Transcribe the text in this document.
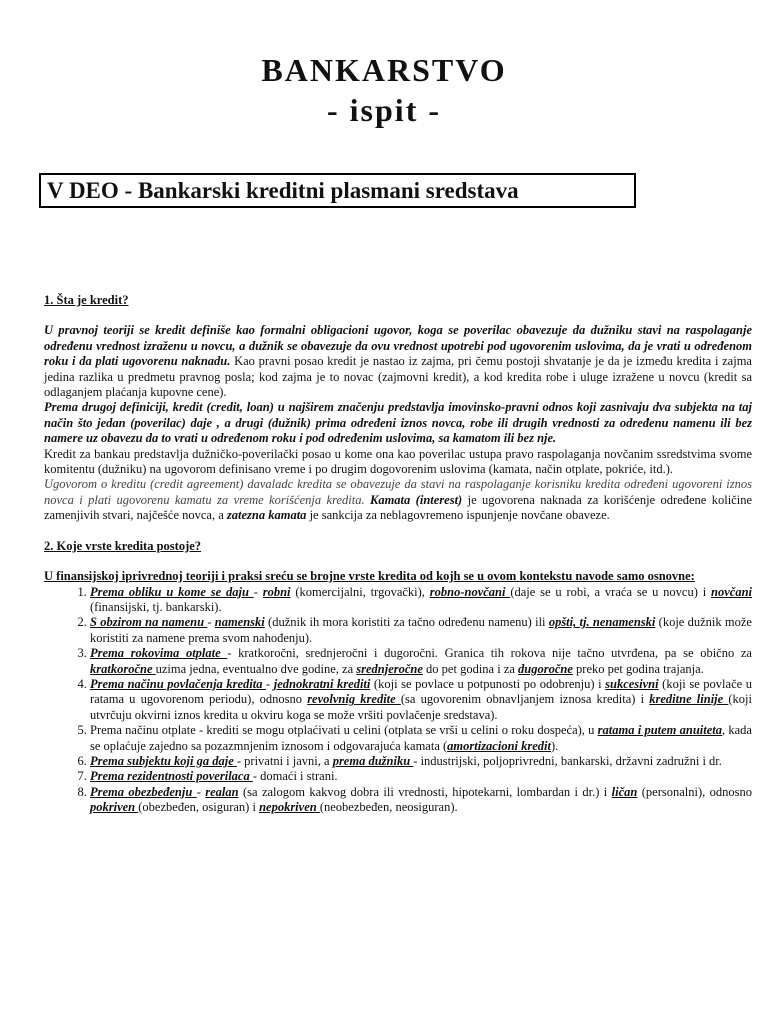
BANKARSTVO
- ispit -
V DEO - Bankarski kreditni plasmani sredstava

1. Šta je kredit?

U pravnoj teoriji se kredit definiše kao formalni obligacioni ugovor, koga se poverilac obavezuje da dužniku stavi na raspolaganje određenu vrednost izraženu u novcu, a dužnik se obavezuje da ovu vrednost upotrebi pod ugovorenim uslovima, da je vrati u određenom roku i da plati ugovorenu naknadu. Kao pravni posao kredit je nastao iz zajma, pri čemu postoji shvatanje je da je između kredita i zajma jedina razlika u predmetu pravnog posla; kod zajma je to novac (zajmovni kredit), a kod kredita robe i uluge izražene u novcu (kredit sa odlaganjem plaćanja kupovne cene).

Prema drugoj definiciji, kredit (credit, loan) u najširem značenju predstavlja imovinsko-pravni odnos koji zasnivaju dva subjekta na taj način što jedan (poverilac) daje , a drugi (dužnik) prima određeni iznos novca, robe ili drugih vrednosti za određenu namenu ili bez namere uz obavezu da to vrati u određenom roku i pod određenim uslovima, sa kamatom ili bez nje.

Kredit za bankau predstavlja dužničko-poverilački posao u kome ona kao poverilac ustupa pravo raspolaganja novčanim ssredstvima svome komitentu (dužniku) na ugovorom definisano vreme i po drugim dogovorenim uslovima (kamata, način otplate, pokriće, itd.).

Ugovorom o kreditu (credit agreement) davaladc kredita se obavezuje da stavi na raspolaganje korisniku kredita određeni ugovoreni iznos novca i plati ugovorenu kamatu za vreme korišćenja kredita. Kamata (interest) je ugovorena naknada za korišćenje određene količine zamenjivih stvari, najčešće novca, a zatezna kamata je sankcija za neblagovremeno ispunjenje novčane obaveze.

2. Koje vrste kredita postoje?

U finansijskoj iprivrednoj teoriji i praksi sreću se brojne vrste kredita od kojh se u ovom kontekstu navode samo osnovne:

1. Prema obliku u kome se daju - robni (komercijalni, trgovački), robno-novčani (daje se u robi, a vraća se u novcu) i novčani (finansijski, tj. bankarski).
2. S obzirom na namenu - namenski (dužnik ih mora koristiti za tačno određenu namenu) ili opšti, tj. nenamenski (koje dužnik može koristiti za namene prema svom nahođenju).
3. Prema rokovima otplate - kratkoročni, srednjeročni i dugoročni. Granica tih rokova nije tačno utvrđena, pa se obično za kratkoročne uzima jedna, eventualno dve godine, za srednjeročne do pet godina i za dugoročne preko pet godina trajanja.
4. Prema načinu povlačenja kredita - jednokratni krediti (koji se povlace u potpunosti po odobrenju) i sukcesivni (koji se povlače u ratama u ugovorenom periodu), odnosno revolvnig kredite (sa ugovorenim obnavljanjem iznosa kredita) i kreditne linije (koji utvrčuju okvirni iznos kredita u okviru koga se može vršiti povlačenje sredstava).
5. Prema načinu otplate - krediti se mogu otplaćivati u celini (otplata se vrši u celini o roku dospeća), u ratama i putem anuiteta, kada se oplaćuje zajedno sa pozazmnjenim iznosom i odgovarajuća kamata (amortizacioni kredit).
6. Prema subjektu koji ga daje - privatni i javni, a prema dužniku - industrijski, poljoprivredni, bankarski, državni zadružni i dr.
7. Prema rezidentnosti poverilaca - domaći i strani.
8. Prema obezbeđenju - realan (sa zalogom kakvog dobra ili vrednosti, hipotekarni, lombardan i dr.) i ličan (personalni), odnosno pokriven (obezbeđen, osiguran) i nepokriven (neobezbeđen, neosiguran).
